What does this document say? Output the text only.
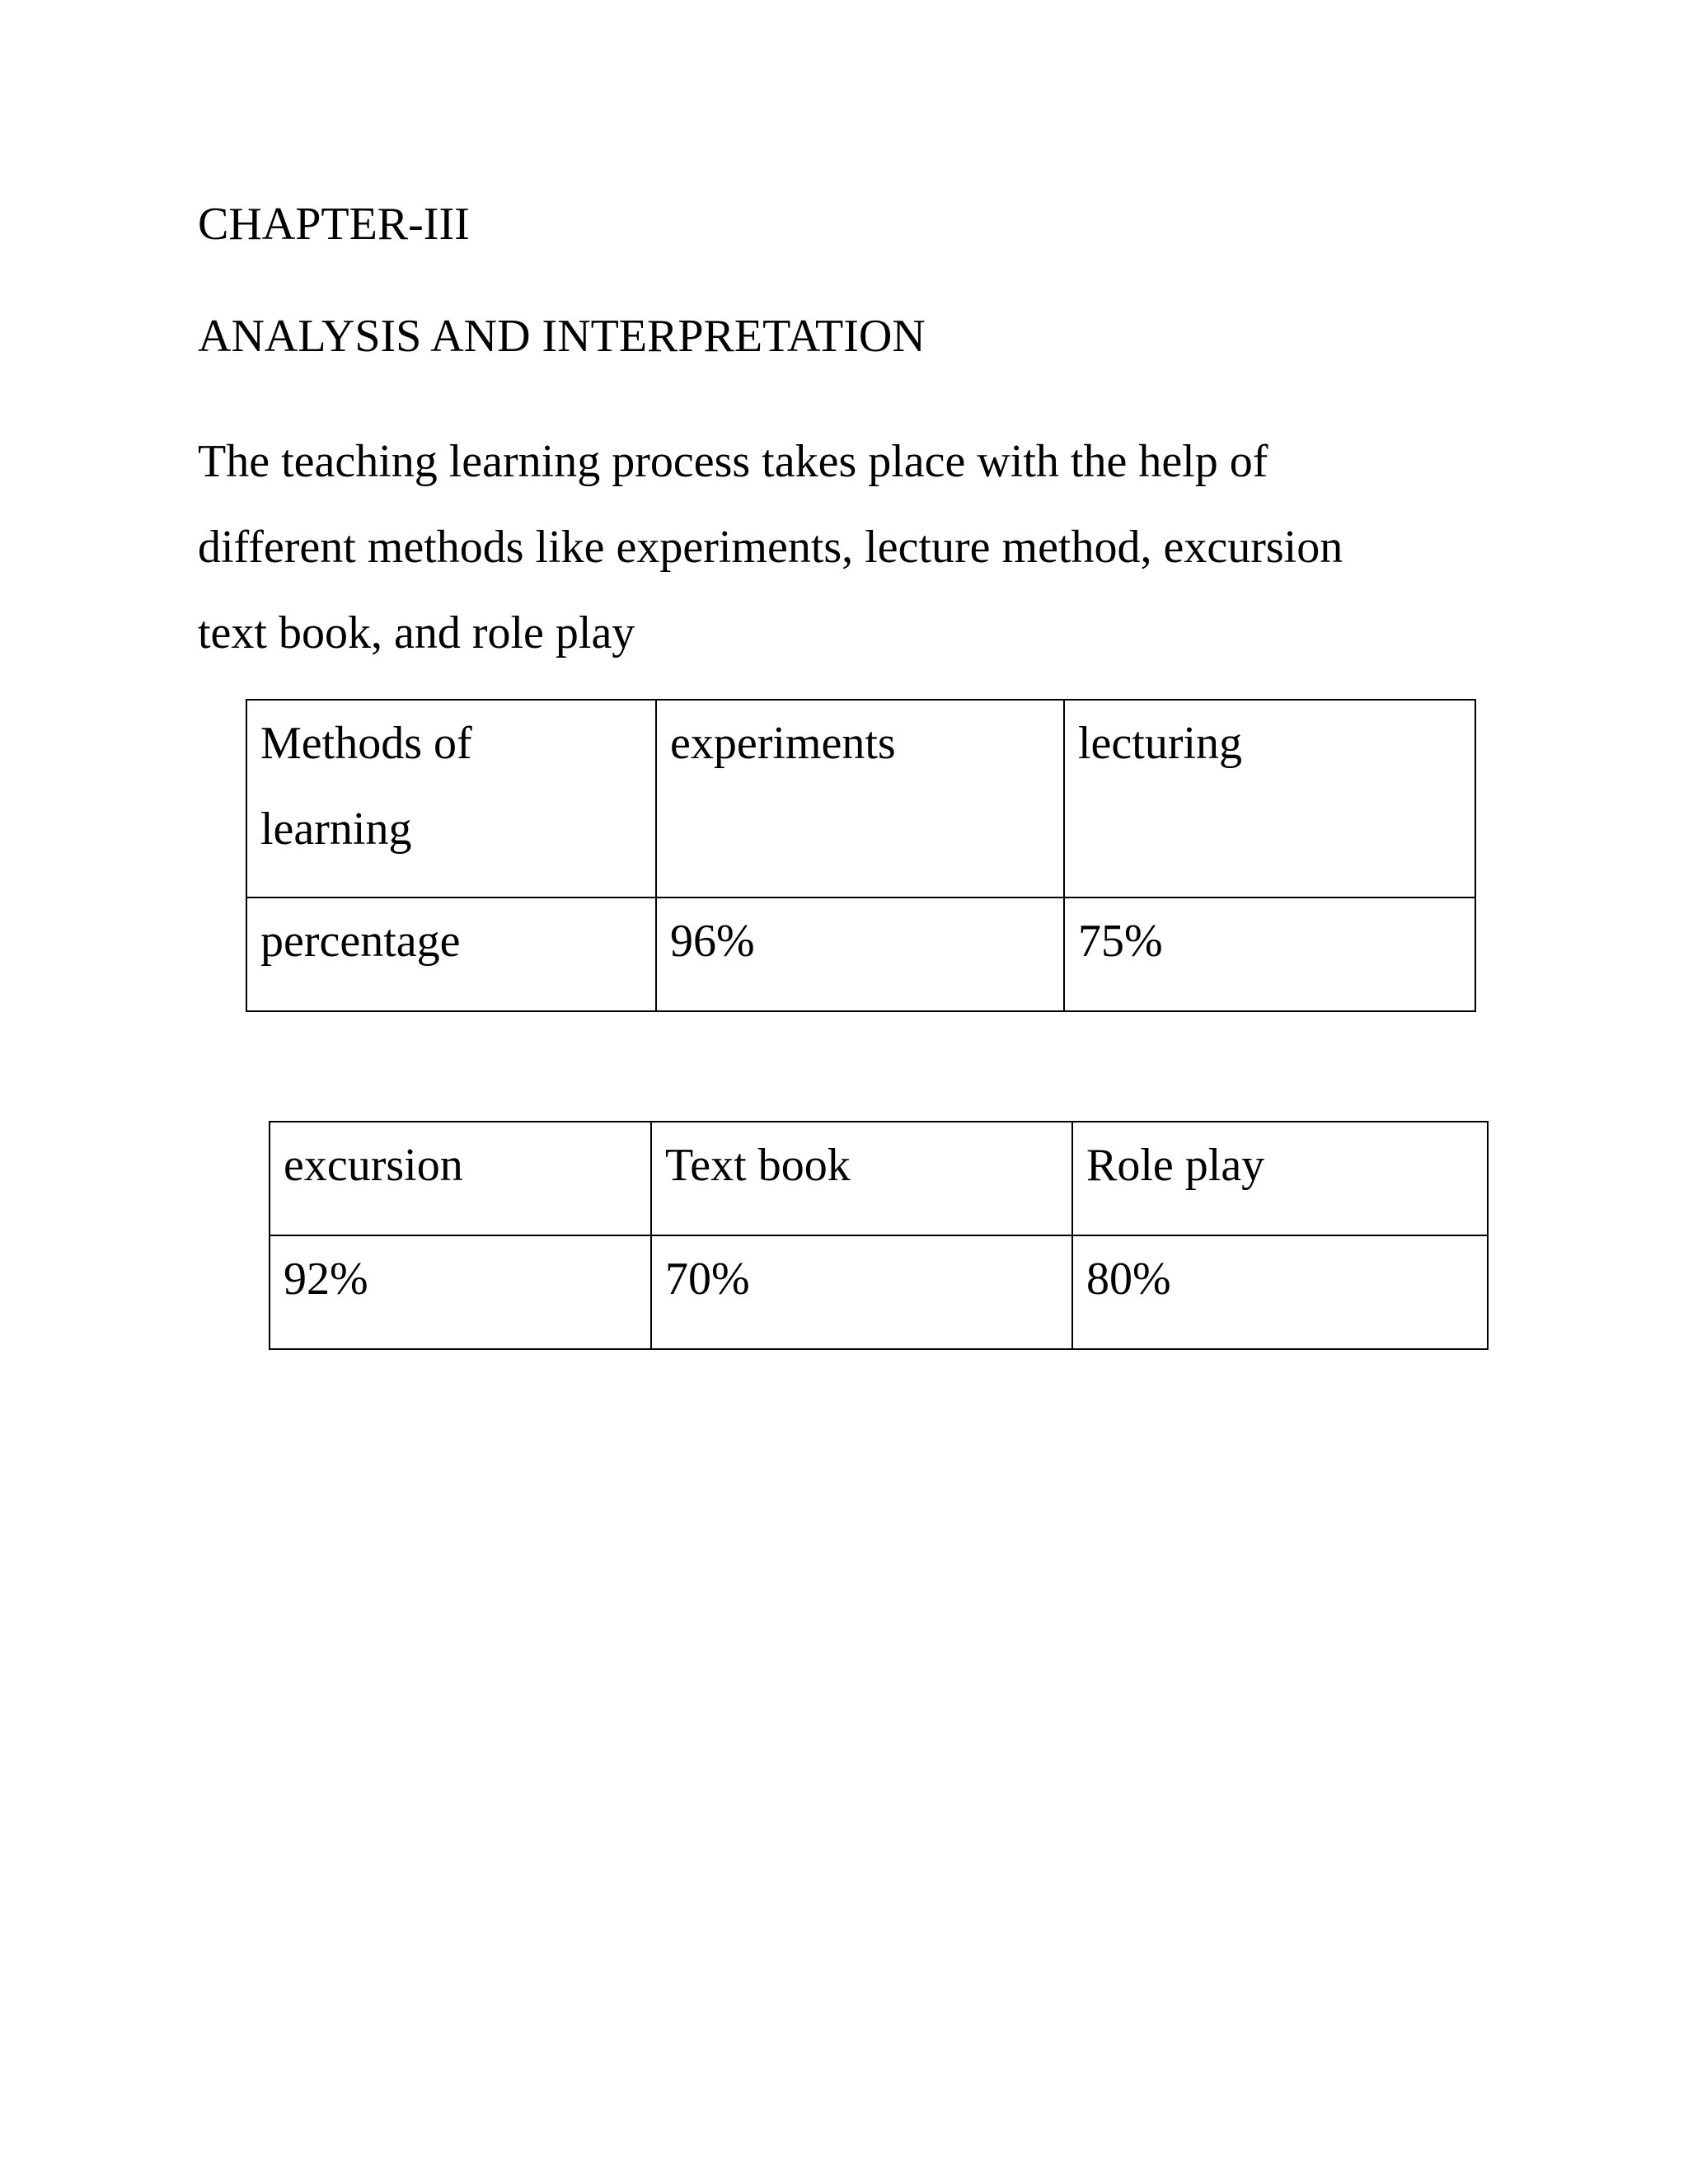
CHAPTER-III
ANALYSIS AND INTERPRETATION

The teaching learning process takes place with the help of
different methods like experiments, lecture method, excursion
text book, and role play

Methods of
learning	experiments	lecturing
percentage	96%	75%
excursion	Text book	Role play
92%	70%	80%
